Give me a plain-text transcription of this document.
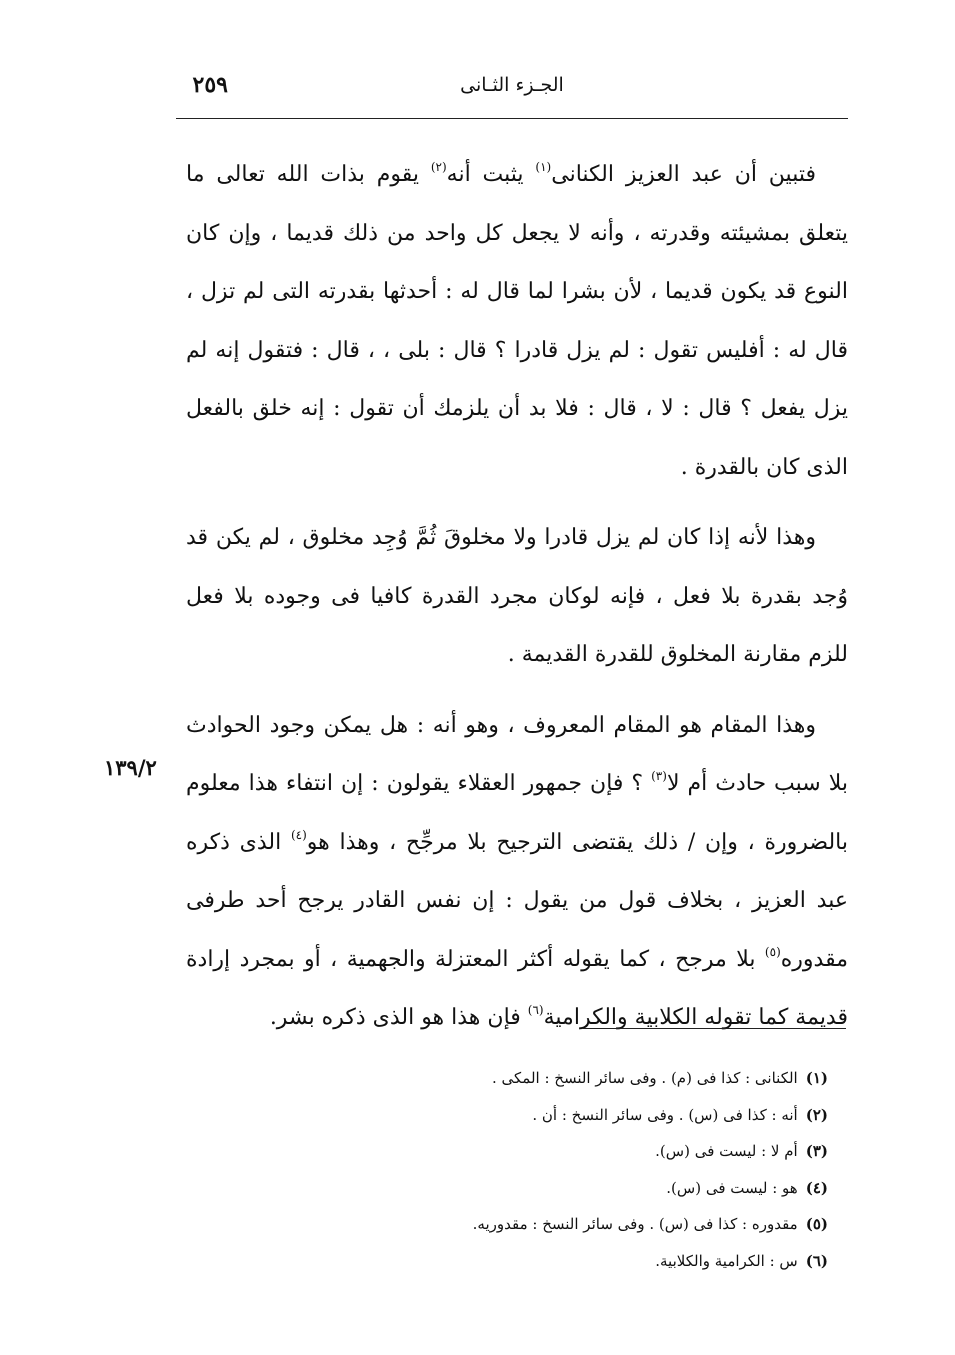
الجـزء الثـانى
٢٥٩
١٣٩/٢

فتبين أن عبد العزيز الكنانى$^{(١)}$ يثبت أنه$^{(٢)}$ يقوم بذات الله تعالى ما يتعلق بمشيئته وقدرته ، وأنه لا يجعل كل واحد من ذلك قديما ، وإن كان النوع قد يكون قديما ، لأن بشرا لما قال له : أحدثها بقدرته التى لم تزل ، قال له : أفليس تقول : لم يزل قادرا ؟ قال : بلى ، ، قال : فتقول إنه لم يزل يفعل ؟ قال : لا ، قال : فلا بد أن يلزمك أن تقول : إنه خلق بالفعل الذى كان بالقدرة .

وهذا لأنه إذا كان لم يزل قادرا ولا مخلوقَ ثُمَّ وُجِد مخلوق ، لم يكن قد وُجد بقدرة بلا فعل ، فإنه لوكان مجرد القدرة كافيا فى وجوده بلا فعل للزم مقارنة المخلوق للقدرة القديمة .

وهذا المقام هو المقام المعروف ، وهو أنه : هل يمكن وجود الحوادث بلا سبب حادث أم لا$^{(٣)}$ ؟ فإن جمهور العقلاء يقولون : إن انتفاء هذا معلوم بالضرورة ، وإن / ذلك يقتضى الترجيح بلا مرجِّح ، وهذا هو$^{(٤)}$ الذى ذكره عبد العزيز ، بخلاف قول من يقول : إن نفس القادر يرجح أحد طرفى مقدوره$^{(٥)}$ بلا مرجح ، كما يقوله أكثر المعتزلة والجهمية ، أو بمجرد إرادة قديمة كما تقوله الكلابية والكرامية$^{(٦)}$ فإن هذا هو الذى ذكره بشر.

(١)الكنانى : كذا فى (م) . وفى سائر النسخ : المكى .
(٢)أنه : كذا فى (س) . وفى سائر النسخ : أن .
(٣)أم لا : ليست فى (س).
(٤)هو : ليست فى (س).
(٥)مقدوره : كذا فى (س) . وفى سائر النسخ : مقدوريه.
(٦)س : الكرامية والكلابية.
